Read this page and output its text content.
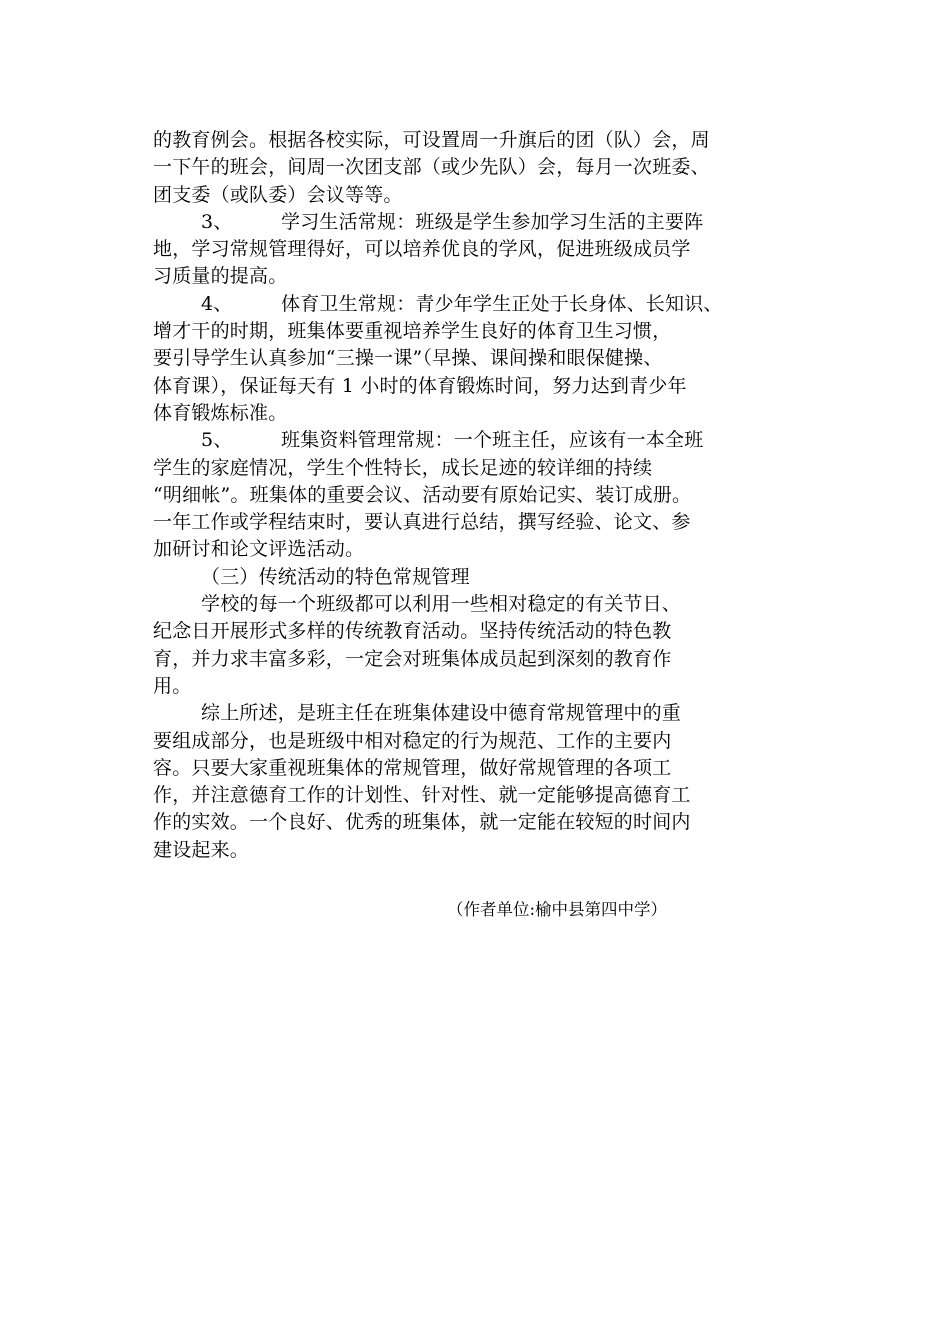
的教育例会。根据各校实际，可设置周一升旗后的团（队）会，周
一下午的班会，间周一次团支部（或少先队）会，每月一次班委、
团支委（或队委）会议等等。
3、	学习生活常规：班级是学生参加学习生活的主要阵
地，学习常规管理得好，可以培养优良的学风，促进班级成员学
习质量的提高。
4、	体育卫生常规：青少年学生正处于长身体、长知识、
增才干的时期，班集体要重视培养学生良好的体育卫生习惯，
要引导学生认真参加“三操一课”（早操、课间操和眼保健操、
体育课），保证每天有 1 小时的体育锻炼时间，努力达到青少年
体育锻炼标准。
5、	班集资料管理常规：一个班主任，应该有一本全班
学生的家庭情况，学生个性特长，成长足迹的较详细的持续
“明细帐”。班集体的重要会议、活动要有原始记实、装订成册。
一年工作或学程结束时，要认真进行总结，撰写经验、论文、参
加研讨和论文评选活动。
（三）传统活动的特色常规管理
学校的每一个班级都可以利用一些相对稳定的有关节日、
纪念日开展形式多样的传统教育活动。坚持传统活动的特色教
育，并力求丰富多彩，一定会对班集体成员起到深刻的教育作
用。
综上所述，是班主任在班集体建设中德育常规管理中的重
要组成部分，也是班级中相对稳定的行为规范、工作的主要内
容。只要大家重视班集体的常规管理，做好常规管理的各项工
作，并注意德育工作的计划性、针对性、就一定能够提高德育工
作的实效。一个良好、优秀的班集体，就一定能在较短的时间内
建设起来。
（作者单位:榆中县第四中学）
